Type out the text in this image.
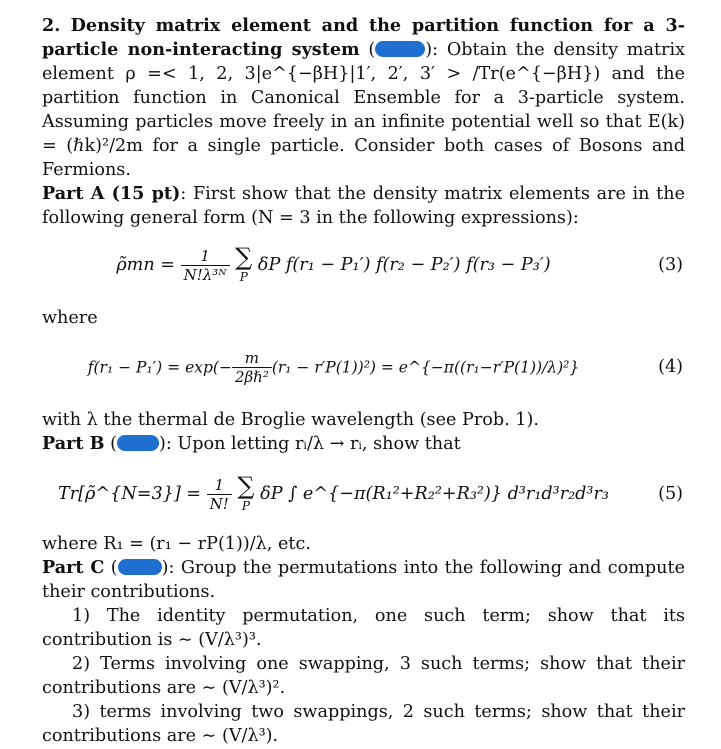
2. Density matrix element and the partition function for a 3-particle non-interacting system (	): Obtain the density matrix element ρ =< 1, 2, 3|e^{−βH}|1′, 2′, 3′ > /Tr(e^{−βH}) and the partition function in Canonical Ensemble for a 3-particle system. Assuming particles move freely in an infinite potential well so that E(k) = (ℏk)²/2m for a single particle. Consider both cases of Bosons and Fermions.

Part A (15 pt): First show that the density matrix elements are in the following general form (N = 3 in the following expressions):

ρ̃mn = $\frac{1}{\text{N!λ³ᴺ}}$
∑
P
δP f(r₁ − P₁′) f(r₂ − P₂′) f(r₃ − P₃′)	(3)

where

$f(r_1 - P_1') = \exp(- \frac{m}{\text{2βℏ²}} (r_1 - r'P(1))^2)$ = e^{−π((r₁−r′P(1))/λ)²}	(4)

with λ the thermal de Broglie wavelength (see Prob. 1).

Part B ( ): Upon letting rᵢ/λ → rᵢ, show that

Tr[ρ̃^{N=3}] = $\frac{1}{N!}$
∑
P
δP ∫ e^{−π(R₁²+R₂²+R₃²)} d³r₁d³r₂d³r₃	(5)

where R₁ = (r₁ − rP(1))/λ, etc.

Part C (	): Group the permutations into the following and compute their contributions.

1) The identity permutation, one such term; show that its contribution is ∼ (V/λ³)³.

2) Terms involving one swapping, 3 such terms; show that their contributions are ∼ (V/λ³)².

3) terms involving two swappings, 2 such terms; show that their contributions are ∼ (V/λ³).
